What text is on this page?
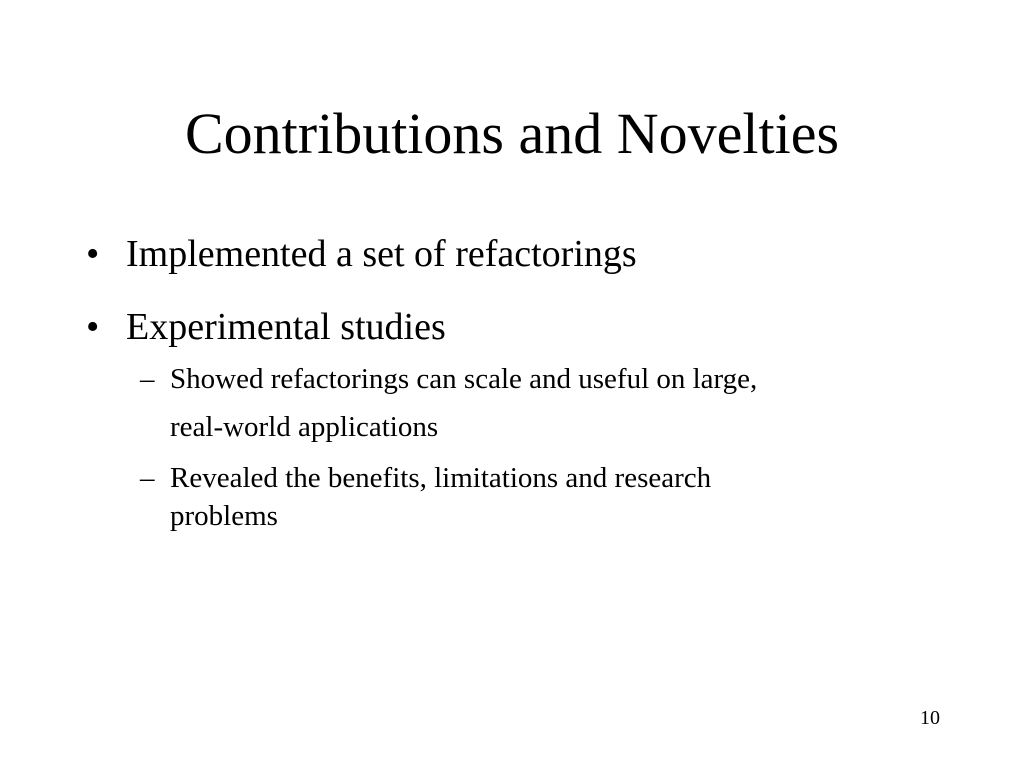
Contributions and Novelties
• Implemented a set of refactorings
• Experimental studies
– Showed refactorings can scale and useful on large,
real-world applications
– Revealed the benefits, limitations and research
problems
10
